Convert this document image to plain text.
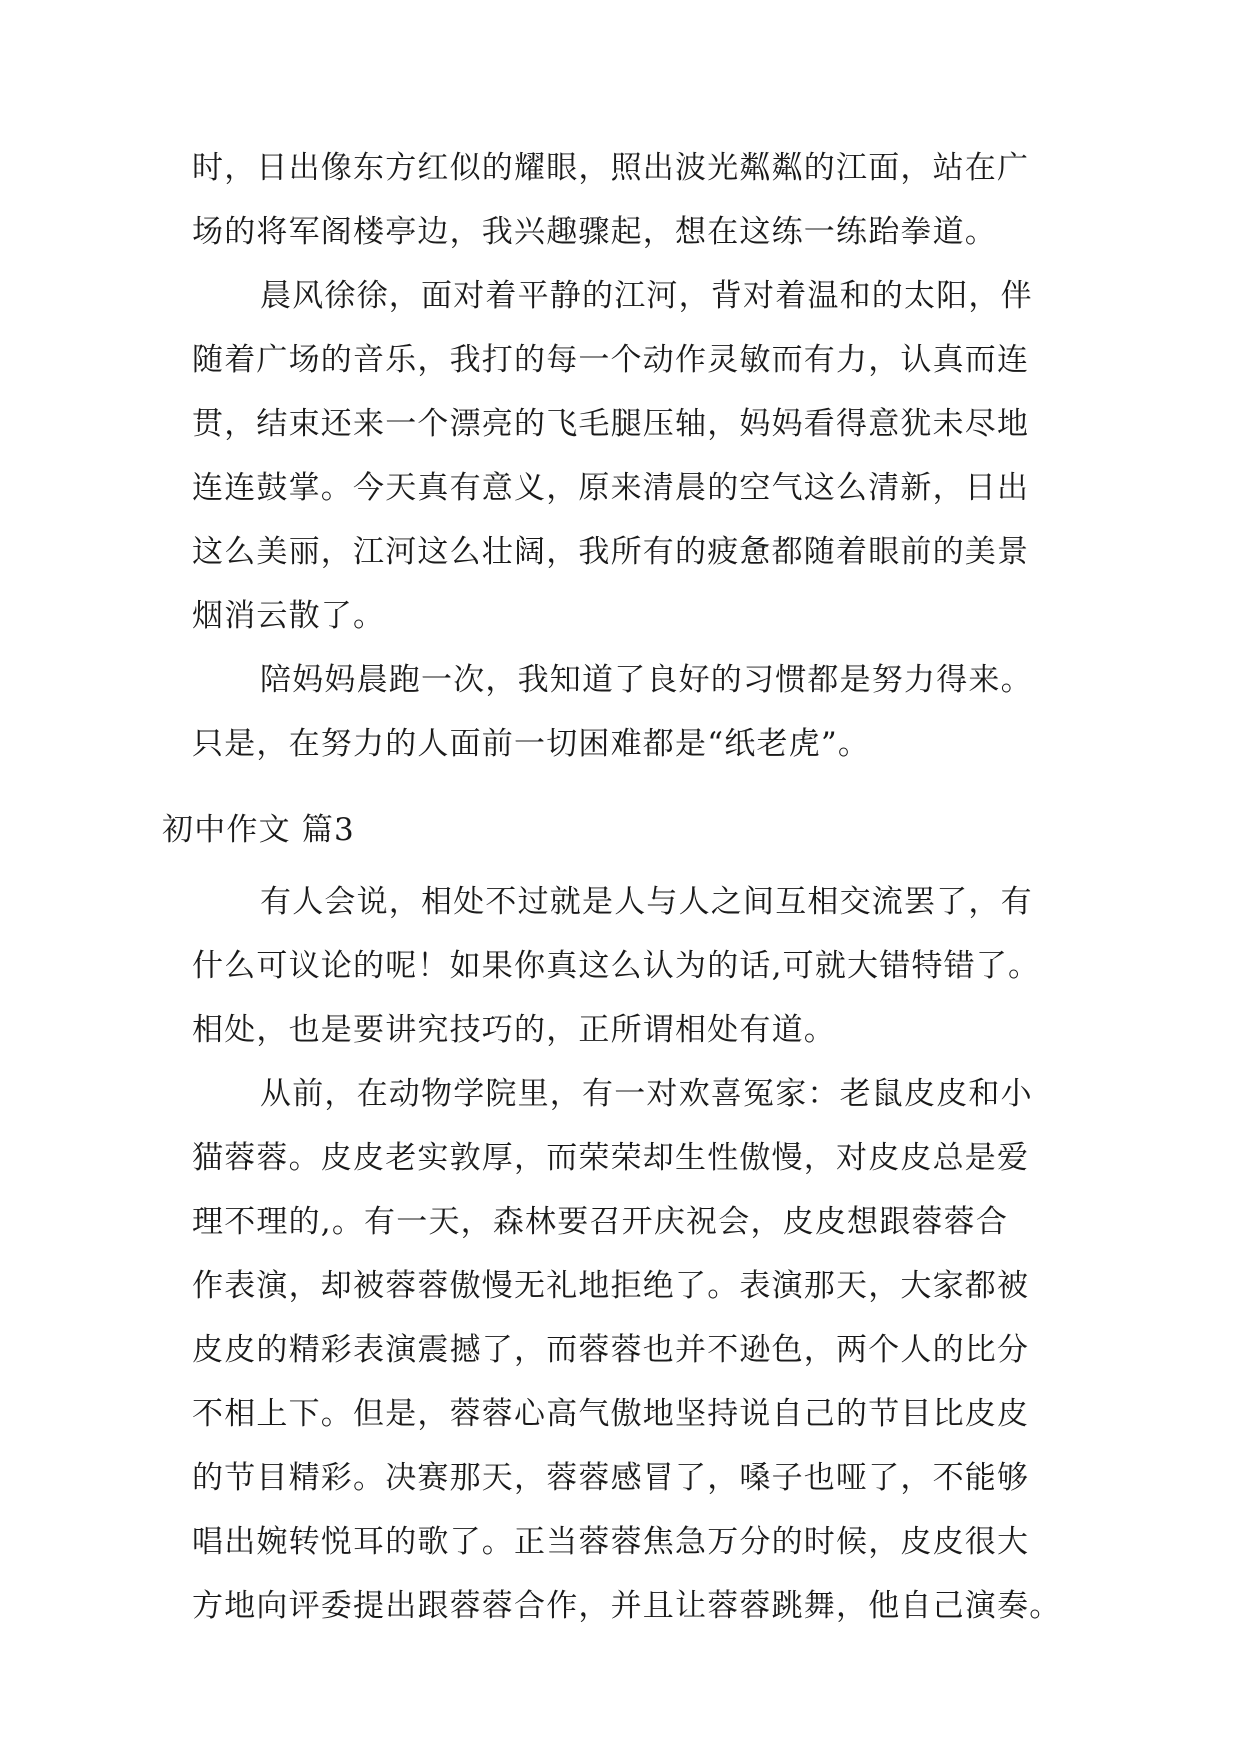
时，日出像东方红似的耀眼，照出波光粼粼的江面，站在广
场的将军阁楼亭边，我兴趣骤起，想在这练一练跆拳道。
晨风徐徐，面对着平静的江河，背对着温和的太阳，伴
随着广场的音乐，我打的每一个动作灵敏而有力，认真而连
贯，结束还来一个漂亮的飞毛腿压轴，妈妈看得意犹未尽地
连连鼓掌。今天真有意义，原来清晨的空气这么清新，日出
这么美丽，江河这么壮阔，我所有的疲惫都随着眼前的美景
烟消云散了。
陪妈妈晨跑一次，我知道了良好的习惯都是努力得来。
只是，在努力的人面前一切困难都是“纸老虎”。
初中作文 篇3
有人会说，相处不过就是人与人之间互相交流罢了，有
什么可议论的呢！如果你真这么认为的话,可就大错特错了。
相处，也是要讲究技巧的，正所谓相处有道。
从前，在动物学院里，有一对欢喜冤家：老鼠皮皮和小
猫蓉蓉。皮皮老实敦厚，而荣荣却生性傲慢，对皮皮总是爱
理不理的,。有一天，森林要召开庆祝会，皮皮想跟蓉蓉合
作表演，却被蓉蓉傲慢无礼地拒绝了。表演那天，大家都被
皮皮的精彩表演震撼了，而蓉蓉也并不逊色，两个人的比分
不相上下。但是，蓉蓉心高气傲地坚持说自己的节目比皮皮
的节目精彩。决赛那天，蓉蓉感冒了，嗓子也哑了，不能够
唱出婉转悦耳的歌了。正当蓉蓉焦急万分的时候，皮皮很大
方地向评委提出跟蓉蓉合作，并且让蓉蓉跳舞，他自己演奏。
